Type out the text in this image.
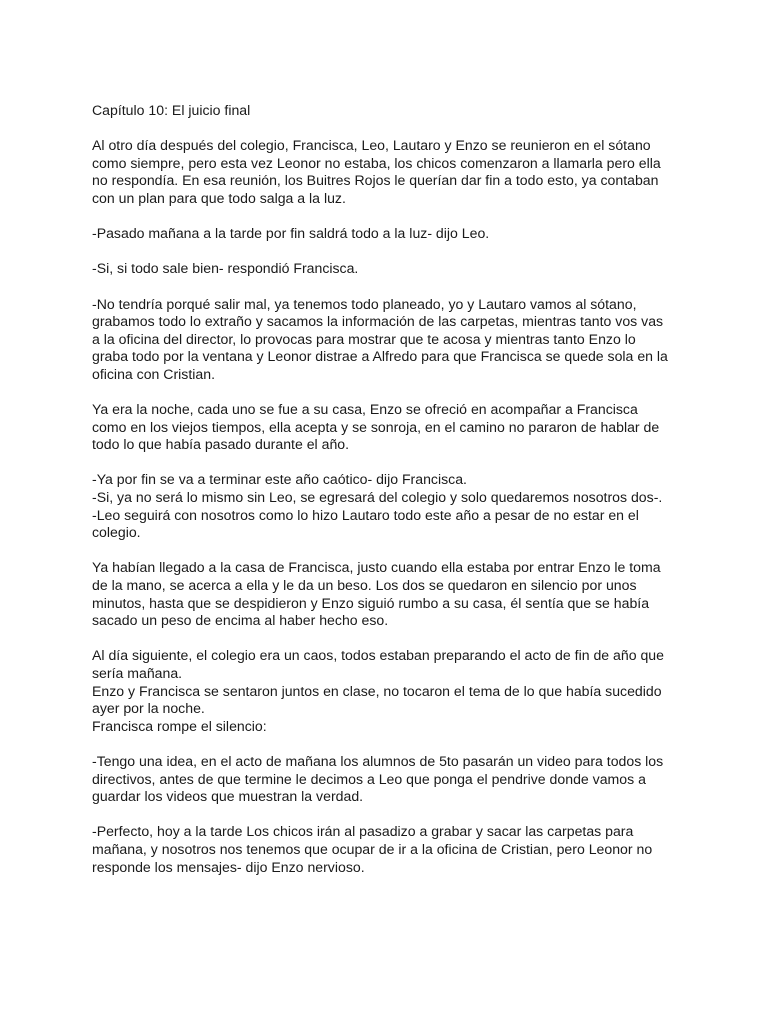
Capítulo 10: El juicio final

Al otro día después del colegio, Francisca, Leo, Lautaro y Enzo se reunieron en el sótano
como siempre, pero esta vez Leonor no estaba, los chicos comenzaron a llamarla pero ella
no respondía. En esa reunión, los Buitres Rojos le querían dar fin a todo esto, ya contaban
con un plan para que todo salga a la luz.

-Pasado mañana a la tarde por fin saldrá todo a la luz- dijo Leo.

-Si, si todo sale bien- respondió Francisca.

-No tendría porqué salir mal, ya tenemos todo planeado, yo y Lautaro vamos al sótano,
grabamos todo lo extraño y sacamos la información de las carpetas, mientras tanto vos vas
a la oficina del director, lo provocas para mostrar que te acosa y mientras tanto Enzo lo
graba todo por la ventana y Leonor distrae a Alfredo para que Francisca se quede sola en la
oficina con Cristian.

Ya era la noche, cada uno se fue a su casa, Enzo se ofreció en acompañar a Francisca
como en los viejos tiempos, ella acepta y se sonroja, en el camino no pararon de hablar de
todo lo que había pasado durante el año.

-Ya por fin se va a terminar este año caótico- dijo Francisca.
-Si, ya no será lo mismo sin Leo, se egresará del colegio y solo quedaremos nosotros dos-.
-Leo seguirá con nosotros como lo hizo Lautaro todo este año a pesar de no estar en el
colegio.

Ya habían llegado a la casa de Francisca, justo cuando ella estaba por entrar Enzo le toma
de la mano, se acerca a ella y le da un beso. Los dos se quedaron en silencio por unos
minutos, hasta que se despidieron y Enzo siguió rumbo a su casa, él sentía que se había
sacado un peso de encima al haber hecho eso.

Al día siguiente, el colegio era un caos, todos estaban preparando el acto de fin de año que
sería mañana.
Enzo y Francisca se sentaron juntos en clase, no tocaron el tema de lo que había sucedido
ayer por la noche.
Francisca rompe el silencio:

-Tengo una idea, en el acto de mañana los alumnos de 5to pasarán un video para todos los
directivos, antes de que termine le decimos a Leo que ponga el pendrive donde vamos a
guardar los videos que muestran la verdad.

-Perfecto, hoy a la tarde Los chicos irán al pasadizo a grabar y sacar las carpetas para
mañana, y nosotros nos tenemos que ocupar de ir a la oficina de Cristian, pero Leonor no
responde los mensajes- dijo Enzo nervioso.
